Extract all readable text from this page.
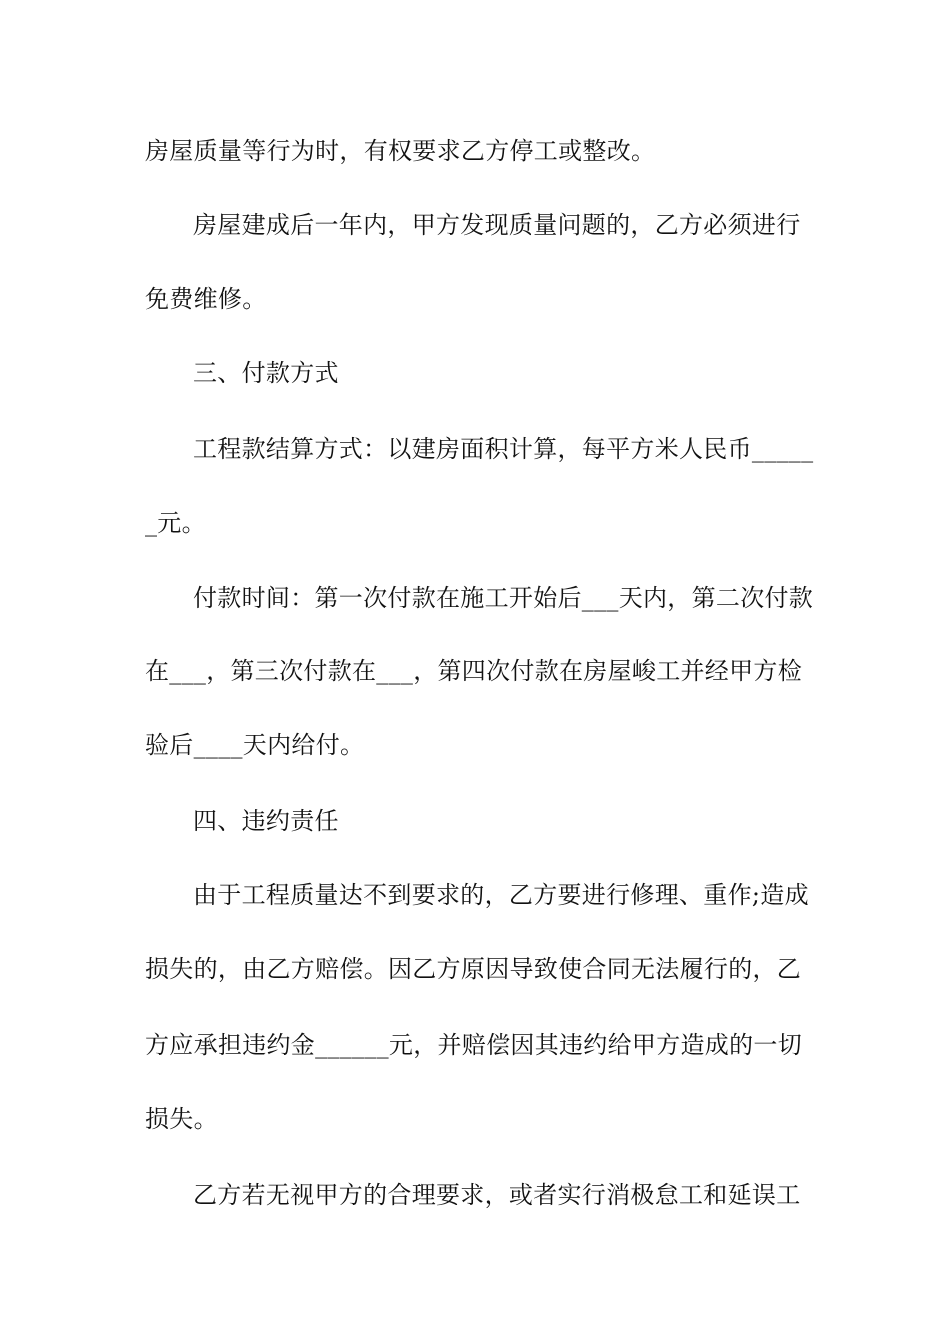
房屋质量等行为时，有权要求乙方停工或整改。
房屋建成后一年内，甲方发现质量问题的，乙方必须进行
免费维修。
三、付款方式
工程款结算方式：以建房面积计算，每平方米人民币_____
_元。
付款时间：第一次付款在施工开始后___天内，第二次付款
在___，第三次付款在___，第四次付款在房屋峻工并经甲方检
验后____天内给付。
四、违约责任
由于工程质量达不到要求的，乙方要进行修理、重作;造成
损失的，由乙方赔偿。因乙方原因导致使合同无法履行的，乙
方应承担违约金______元，并赔偿因其违约给甲方造成的一切
损失。
乙方若无视甲方的合理要求，或者实行消极怠工和延误工
